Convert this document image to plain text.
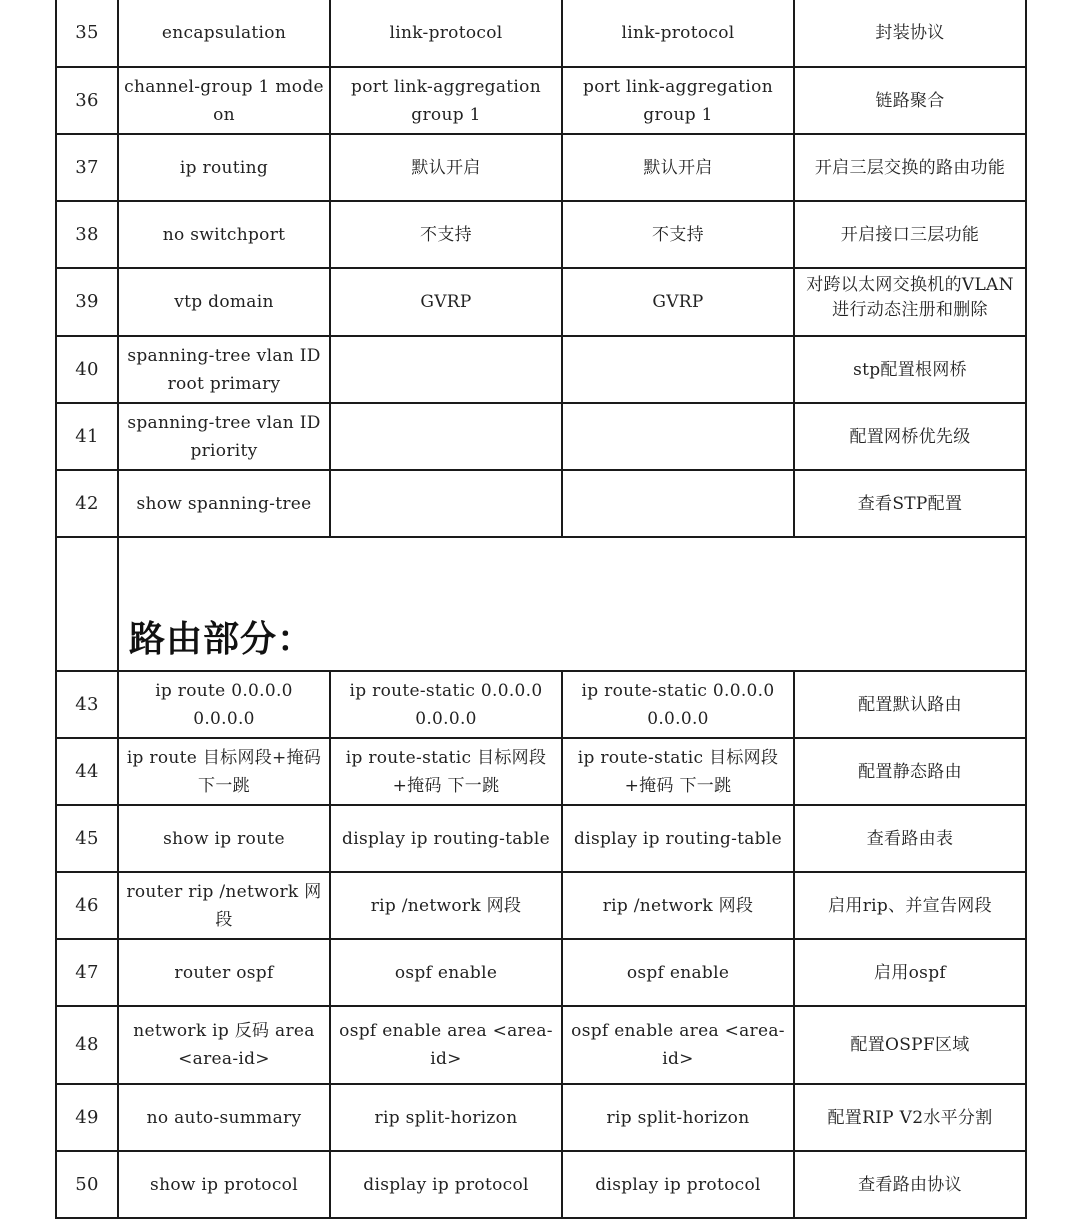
35	encapsulation	link-protocol	link-protocol	封装协议
36	channel-group 1 mode on	port link-aggregation group 1	port link-aggregation group 1	链路聚合
37	ip routing	默认开启	默认开启	开启三层交换的路由功能
38	no switchport	不支持	不支持	开启接口三层功能
39	vtp domain	GVRP	GVRP	对跨以太网交换机的VLAN进行动态注册和删除

40	spanning-tree vlan ID root primary			stp配置根网桥
41	spanning-tree vlan ID priority			配置网桥优先级
42	show spanning-tree			查看STP配置
	路由部分：			
43	ip route 0.0.0.0 0.0.0.0	ip route-static 0.0.0.0 0.0.0.0	ip route-static 0.0.0.0 0.0.0.0	配置默认路由
44	ip route 目标网段+掩码 下一跳	ip route-static 目标网段+掩码 下一跳	ip route-static 目标网段+掩码 下一跳	配置静态路由
45	show ip route	display ip routing-table	display ip routing-table	查看路由表
46	router rip /network 网段	rip /network 网段	rip /network 网段	启用rip、并宣告网段
47	router ospf	ospf enable	ospf enable	启用ospf
48	network ip 反码 area <area-id>	ospf enable area <area-id>	ospf enable area <area-id>	配置OSPF区域
49	no auto-summary	rip split-horizon	rip split-horizon	配置RIP V2水平分割
50	show ip protocol	display ip protocol	display ip protocol	查看路由协议
